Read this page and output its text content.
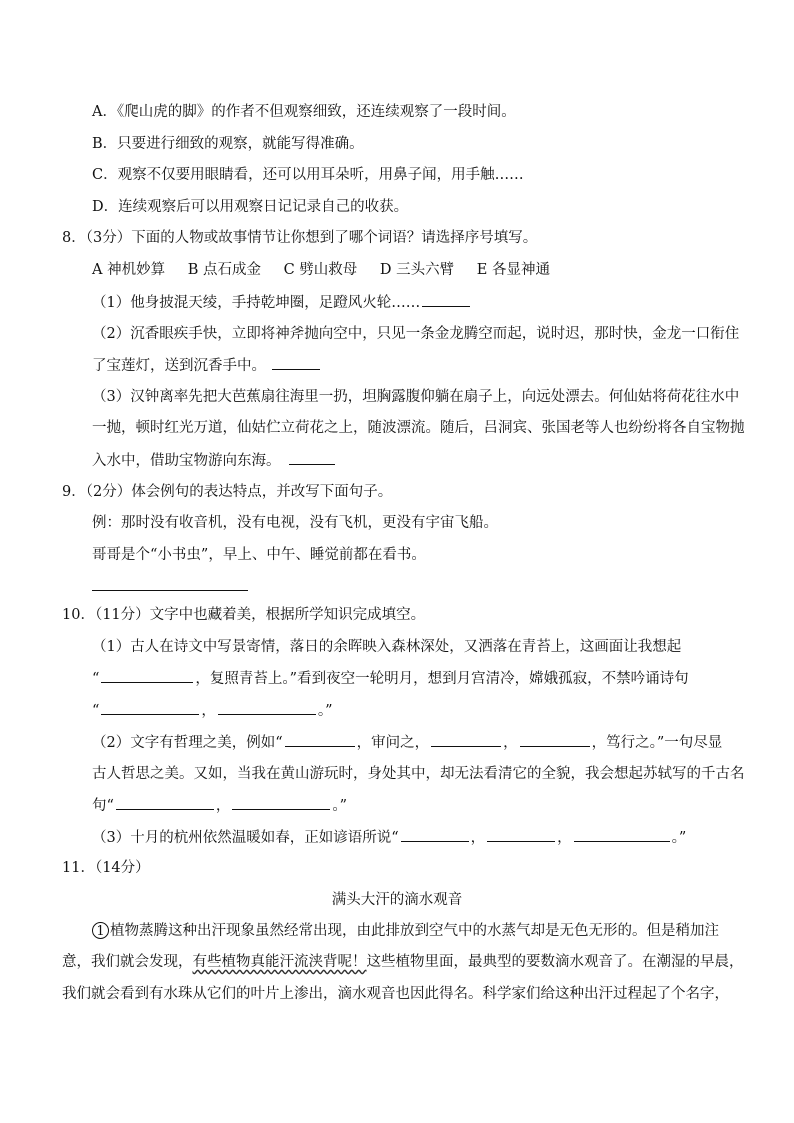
A．《爬山虎的脚》的作者不但观察细致，还连续观察了一段时间。
B．只要进行细致的观察，就能写得准确。
C．观察不仅要用眼睛看，还可以用耳朵听，用鼻子闻，用手触……
D．连续观察后可以用观察日记记录自己的收获。
8．（3分）下面的人物或故事情节让你想到了哪个词语？请选择序号填写。
A 神机妙算 B 点石成金 C 劈山救母 D 三头六臂 E 各显神通
（1）他身披混天绫，手持乾坤圈，足蹬风火轮……
（2）沉香眼疾手快，立即将神斧抛向空中，只见一条金龙腾空而起，说时迟，那时快，金龙一口衔住
了宝莲灯，送到沉香手中。
（3）汉钟离率先把大芭蕉扇往海里一扔，坦胸露腹仰躺在扇子上，向远处漂去。何仙姑将荷花往水中
一抛，顿时红光万道，仙姑伫立荷花之上，随波漂流。随后，吕洞宾、张国老等人也纷纷将各自宝物抛
入水中，借助宝物游向东海。
9．（2分）体会例句的表达特点，并改写下面句子。
例：那时没有收音机，没有电视，没有飞机，更没有宇宙飞船。
哥哥是个“小书虫”，早上、中午、睡觉前都在看书。
10．（11分）文字中也藏着美，根据所学知识完成填空。
（1）古人在诗文中写景寄情，落日的余晖映入森林深处，又洒落在青苔上，这画面让我想起
“	，复照青苔上。”看到夜空一轮明月，想到月宫清冷，嫦娥孤寂，不禁吟诵诗句
“	，	。”
（2）文字有哲理之美，例如“	，审问之，	，	，笃行之。”一句尽显
古人哲思之美。又如，当我在黄山游玩时，身处其中，却无法看清它的全貌，我会想起苏轼写的千古名
句“	，	。”
（3）十月的杭州依然温暖如春，正如谚语所说“	，	，	。”
11．（14分）
满头大汗的滴水观音
1 植物蒸腾这种出汗现象虽然经常出现，由此排放到空气中的水蒸气却是无色无形的。但是稍加注
意，我们就会发现，有些植物真能汗流浃背呢！这些植物里面，最典型的要数滴水观音了。在潮湿的早晨，
我们就会看到有水珠从它们的叶片上渗出，滴水观音也因此得名。科学家们给这种出汗过程起了个名字，
